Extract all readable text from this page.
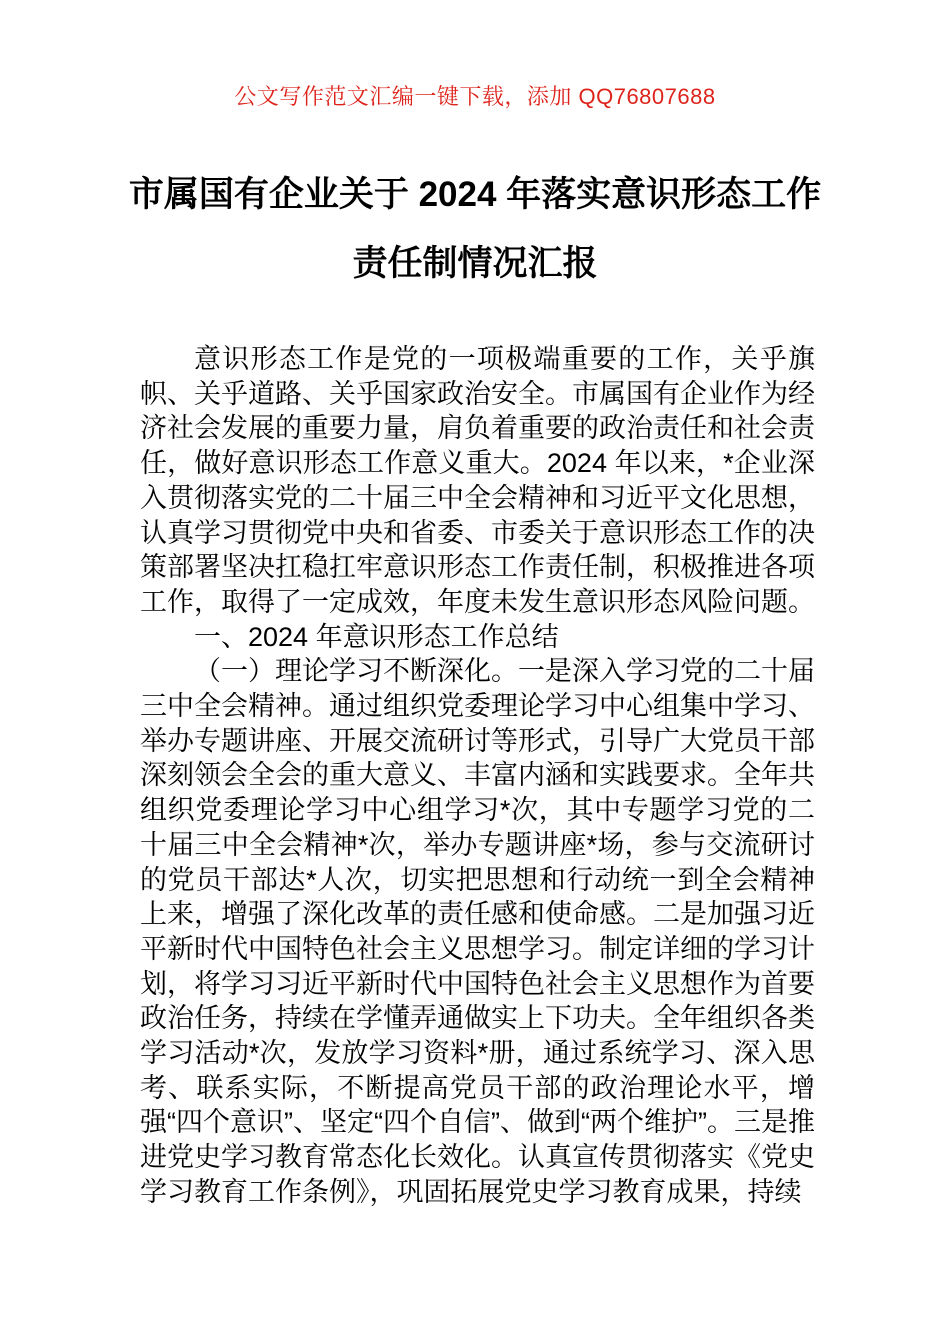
公文写作范文汇编一键下载，添加 QQ76807688
市属国有企业关于 2024 年落实意识形态工作责任制情况汇报

意识形态工作是党的一项极端重要的工作，关乎旗帜、关乎道路、关乎国家政治安全。市属国有企业作为经济社会发展的重要力量，肩负着重要的政治责任和社会责任，做好意识形态工作意义重大。2024 年以来，*企业深入贯彻落实党的二十届三中全会精神和习近平文化思想，认真学习贯彻党中央和省委、市委关于意识形态工作的决策部署坚决扛稳扛牢意识形态工作责任制，积极推进各项工作，取得了一定成效，年度未发生意识形态风险问题。

一、2024 年意识形态工作总结

（一）理论学习不断深化。一是深入学习党的二十届三中全会精神。通过组织党委理论学习中心组集中学习、举办专题讲座、开展交流研讨等形式，引导广大党员干部深刻领会全会的重大意义、丰富内涵和实践要求。全年共组织党委理论学习中心组学习*次，其中专题学习党的二十届三中全会精神*次，举办专题讲座*场，参与交流研讨的党员干部达*人次，切实把思想和行动统一到全会精神上来，增强了深化改革的责任感和使命感。二是加强习近平新时代中国特色社会主义思想学习。制定详细的学习计划，将学习习近平新时代中国特色社会主义思想作为首要政治任务，持续在学懂弄通做实上下功夫。全年组织各类学习活动*次，发放学习资料*册，通过系统学习、深入思考、联系实际，不断提高党员干部的政治理论水平，增强“四个意识”、坚定“四个自信”、做到“两个维护”。三是推进党史学习教育常态化长效化。认真宣传贯彻落实《党史学习教育工作条例》，巩固拓展党史学习教育成果，持续
